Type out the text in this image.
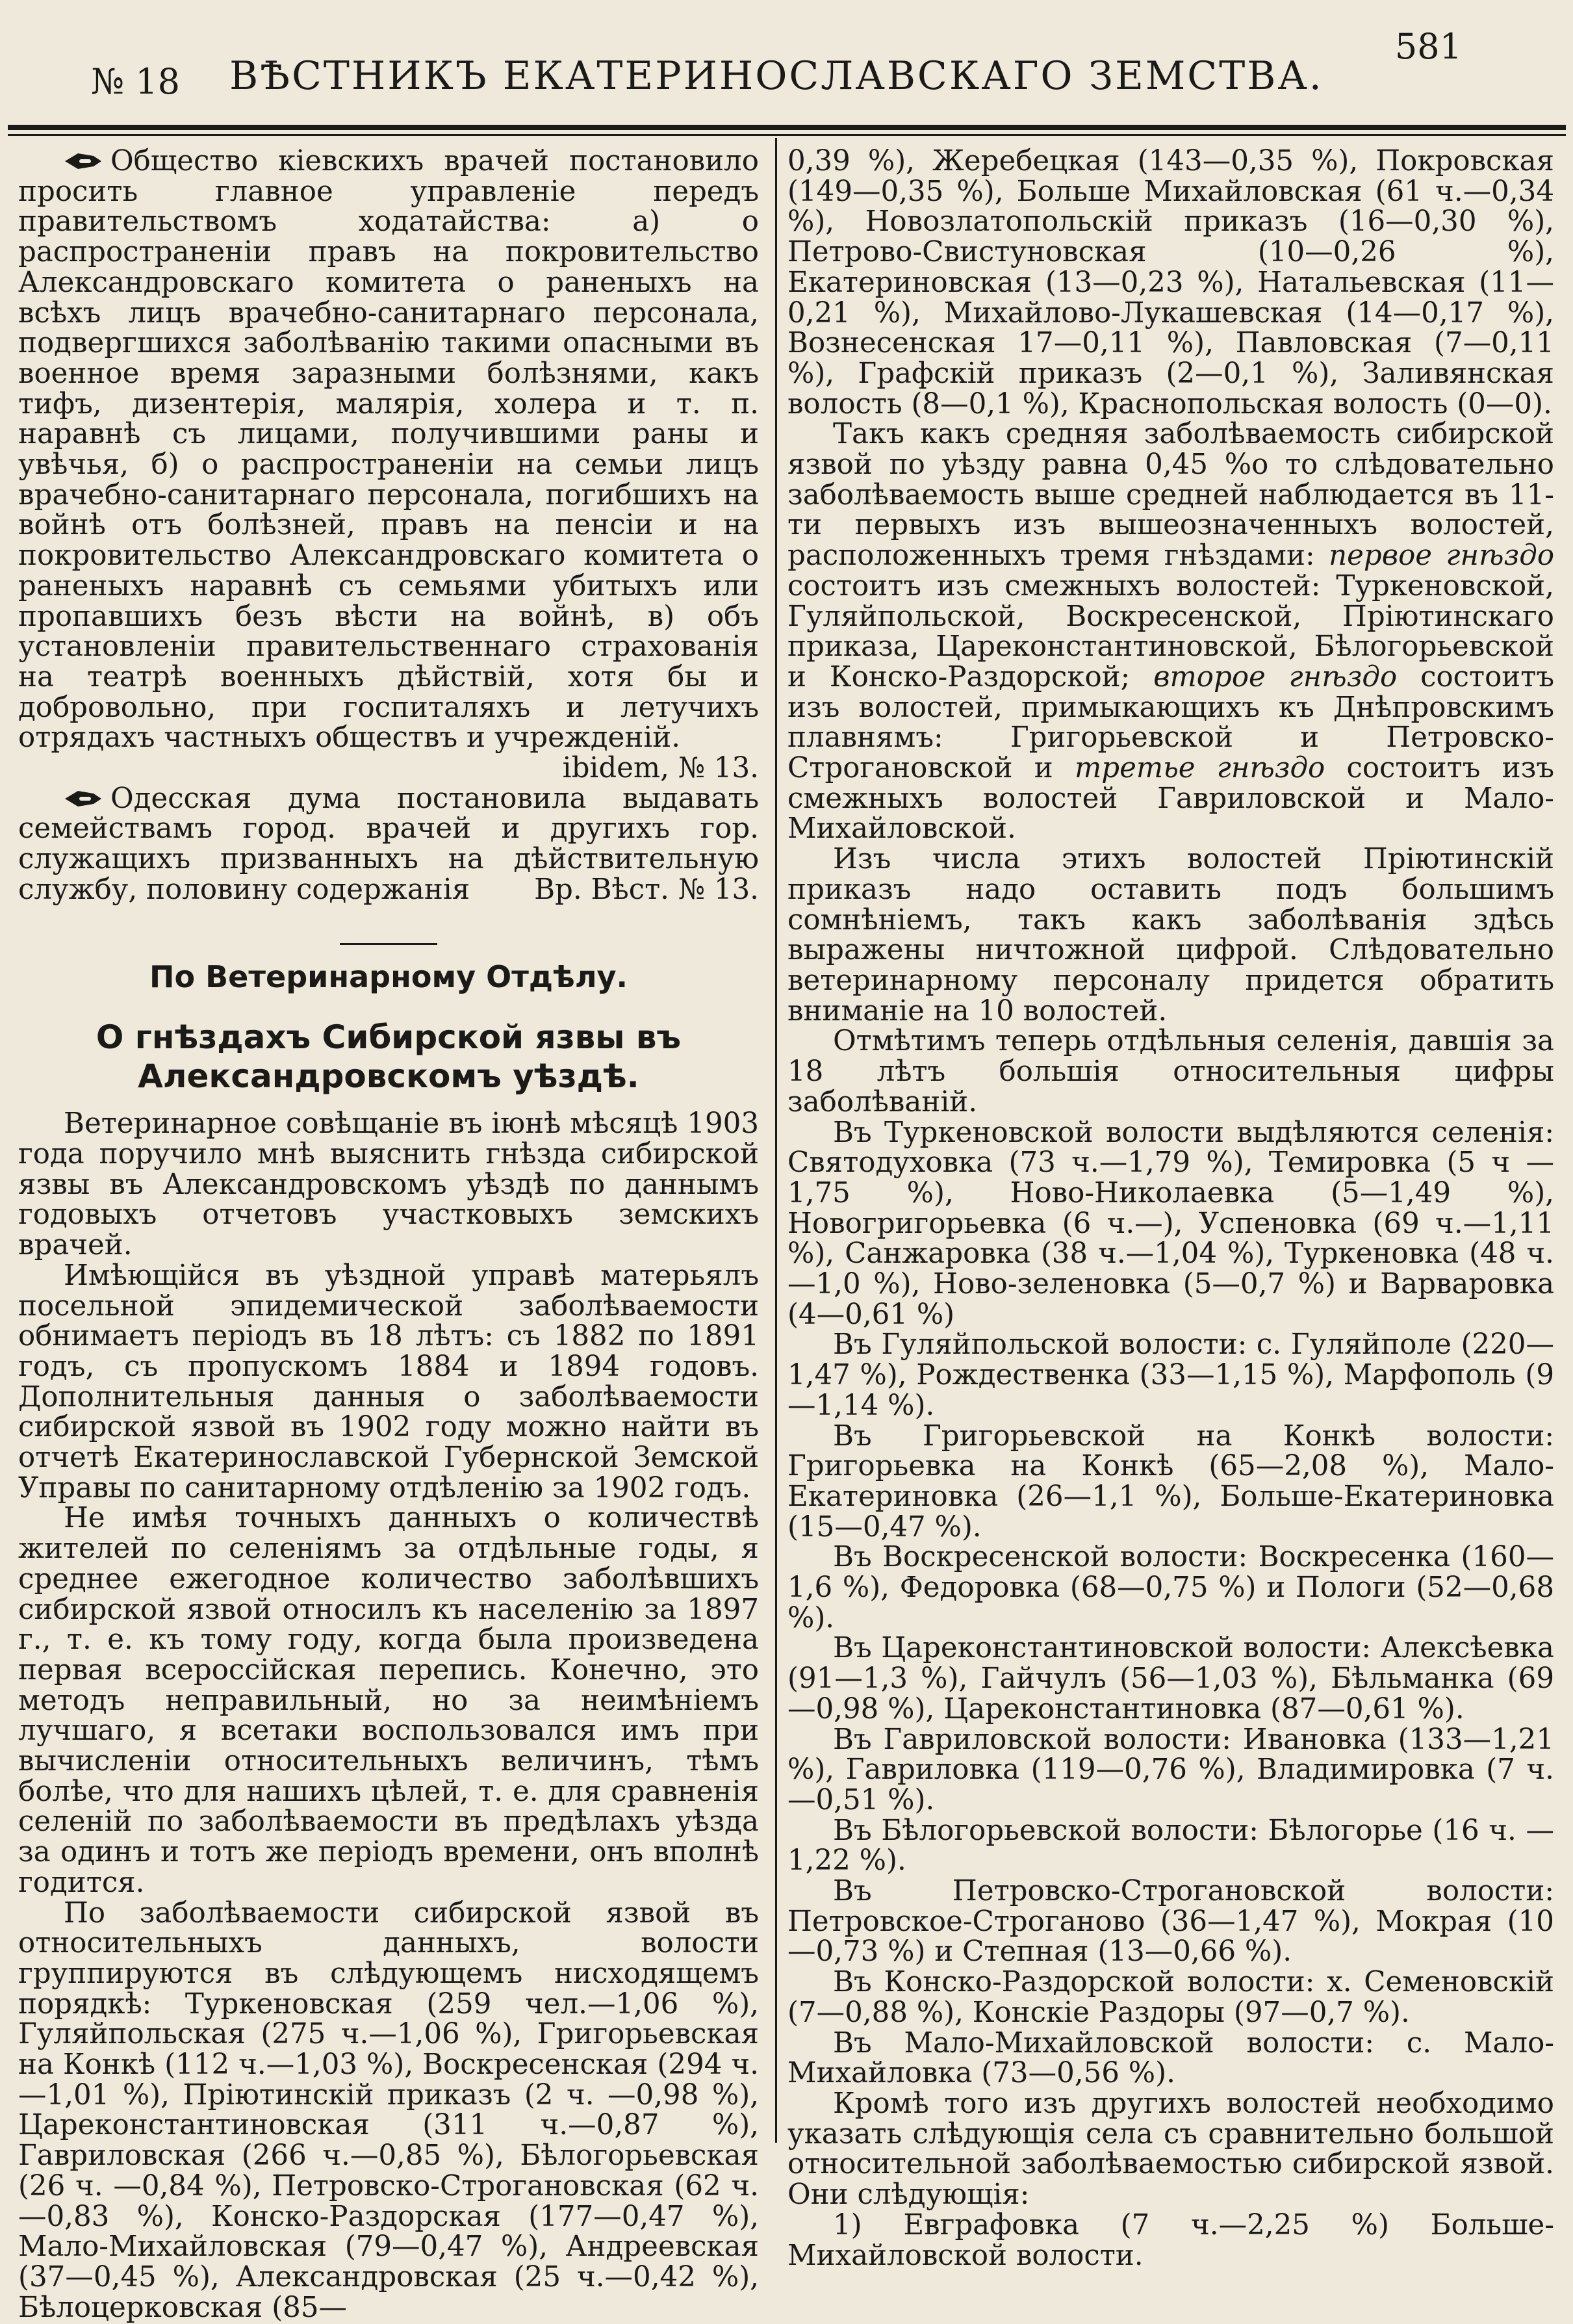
№ 18	ВѢСТНИКЪ ЕКАТЕРИНОСЛАВСКАГО ЗЕМСТВА.
581

Общество кіевскихъ врачей постановило просить главное управленіе передъ правительствомъ ходатайства: а) о распространеніи правъ на покровительство Александровскаго комитета о раненыхъ на всѣхъ лицъ врачебно-санитарнаго персонала, подвергшихся заболѣванію такими опасными въ военное время заразными болѣзнями, какъ тифъ, дизентерія, малярія, холера и т. п. наравнѣ съ лицами, получившими раны и увѣчья, б) о распространеніи на семьи лицъ врачебно-санитарнаго персонала, погибшихъ на войнѣ отъ болѣзней, правъ на пенсіи и на покровительство Александровскаго комитета о раненыхъ наравнѣ съ семьями убитыхъ или пропавшихъ безъ вѣсти на войнѣ, в) объ установленіи правительственнаго страхованія на театрѣ военныхъ дѣйствій, хотя бы и добровольно, при госпиталяхъ и летучихъ отрядахъ частныхъ обществъ и учрежденій.

ibidem, № 13.

Одесская дума постановила выдавать семействамъ город. врачей и другихъ гор. служащихъ призванныхъ на дѣйствительную службу, половину содержанія	Вр. Вѣст. № 13.

По Ветеринарному Отдѣлу.

О гнѣздахъ Сибирской язвы въ Александровскомъ уѣздѣ.

Ветеринарное совѣщаніе въ іюнѣ мѣсяцѣ 1903 года поручило мнѣ выяснить гнѣзда сибирской язвы въ Александровскомъ уѣздѣ по даннымъ годовыхъ отчетовъ участковыхъ земскихъ врачей.

Имѣющійся въ уѣздной управѣ матерьялъ посельной эпидемической заболѣваемости обнимаетъ періодъ въ 18 лѣтъ: съ 1882 по 1891 годъ, съ пропускомъ 1884 и 1894 годовъ. Дополнительныя данныя о заболѣваемости сибирской язвой въ 1902 году можно найти въ отчетѣ Екатеринославской Губернской Земской Управы по санитарному отдѣленію за 1902 годъ.

Не имѣя точныхъ данныхъ о количествѣ жителей по селеніямъ за отдѣльные годы, я среднее ежегодное количество заболѣвшихъ сибирской язвой относилъ къ населенію за 1897 г., т. е. къ тому году, когда была произведена первая всероссійская перепись. Конечно, это методъ неправильный, но за неимѣніемъ лучшаго, я всетаки воспользовался имъ при вычисленіи относительныхъ величинъ, тѣмъ болѣе, что для нашихъ цѣлей, т. е. для сравненія селеній по заболѣваемости въ предѣлахъ уѣзда за одинъ и тотъ же періодъ времени, онъ вполнѣ годится.

По заболѣваемости сибирской язвой въ относительныхъ данныхъ, волости группируются въ слѣдующемъ нисходящемъ порядкѣ: Туркеновская (259 чел.—1,06 %), Гуляйпольская (275 ч.—1,06 %), Григорьевская на Конкѣ (112 ч.—1,03 %), Воскресенская (294 ч.—1,01 %), Пріютинскій приказъ (2 ч. —0,98 %), Цареконстантиновская (311 ч.—0,87 %), Гавриловская (266 ч.—0,85 %), Бѣлогорьевская (26 ч. —0,84 %), Петровско-Строгановская (62 ч.—0,83 %), Конско-Раздорская (177—0,47 %), Мало-Михайловская (79—0,47 %), Андреевская (37—0,45 %), Александровская (25 ч.—0,42 %), Бѣлоцерковская (85—

0,39 %), Жеребецкая (143—0,35 %), Покровская (149—0,35 %), Больше Михайловская (61 ч.—0,34 %), Новозлатопольскій приказъ (16—0,30 %), Петрово-Свистуновская (10—0,26 %), Екатериновская (13—0,23 %), Натальевская (11—0,21 %), Михайлово-Лукашевская (14—0,17 %), Вознесенская 17—0,11 %), Павловская (7—0,11 %), Графскій приказъ (2—0,1 %), Заливянская волость (8—0,1 %), Краснопольская волость (0—0).

Такъ какъ средняя заболѣваемость сибирской язвой по уѣзду равна 0,45 %о то слѣдовательно заболѣваемость выше средней наблюдается въ 11-ти первыхъ изъ вышеозначенныхъ волостей, расположенныхъ тремя гнѣздами: первое гнѣздо состоитъ изъ смежныхъ волостей: Туркеновской, Гуляйпольской, Воскресенской, Пріютинскаго приказа, Цареконстантиновской, Бѣлогорьевской и Конско-Раздорской; второе гнѣздо состоитъ изъ волостей, примыкающихъ къ Днѣпровскимъ плавнямъ: Григорьевской и Петровско-Строгановской и третье гнѣздо состоитъ изъ смежныхъ волостей Гавриловской и Мало-Михайловской.

Изъ числа этихъ волостей Пріютинскій приказъ надо оставить подъ большимъ сомнѣніемъ, такъ какъ заболѣванія здѣсь выражены ничтожной цифрой. Слѣдовательно ветеринарному персоналу придется обратить вниманіе на 10 волостей.

Отмѣтимъ теперь отдѣльныя селенія, давшія за 18 лѣтъ большія относительныя цифры заболѣваній.

Въ Туркеновской волости выдѣляются селенія: Святодуховка (73 ч.—1,79 %), Темировка (5 ч —1,75 %), Ново-Николаевка (5—1,49 %), Новогригорьевка (6 ч.—), Успеновка (69 ч.—1,11 %), Санжаровка (38 ч.—1,04 %), Туркеновка (48 ч.—1,0 %), Ново-зеленовка (5—0,7 %) и Варваровка (4—0,61 %)

Въ Гуляйпольской волости: с. Гуляйполе (220—1,47 %), Рождественка (33—1,15 %), Марфополь (9—1,14 %).

Въ Григорьевской на Конкѣ волости: Григорьевка на Конкѣ (65—2,08 %), Мало-Екатериновка (26—1,1 %), Больше-Екатериновка (15—0,47 %).

Въ Воскресенской волости: Воскресенка (160—1,6 %), Федоровка (68—0,75 %) и Пологи (52—0,68 %).

Въ Цареконстантиновской волости: Алексѣевка (91—1,3 %), Гайчулъ (56—1,03 %), Бѣльманка (69—0,98 %), Цареконстантиновка (87—0,61 %).

Въ Гавриловской волости: Ивановка (133—1,21 %), Гавриловка (119—0,76 %), Владимировка (7 ч.—0,51 %).

Въ Бѣлогорьевской волости: Бѣлогорье (16 ч. —1,22 %).

Въ Петровско-Строгановской волости: Петровское-Строганово (36—1,47 %), Мокрая (10—0,73 %) и Степная (13—0,66 %).

Въ Конско-Раздорской волости: х. Семеновскій (7—0,88 %), Конскіе Раздоры (97—0,7 %).

Въ Мало-Михайловской волости: с. Мало-Михайловка (73—0,56 %).

Кромѣ того изъ другихъ волостей необходимо указать слѣдующія села съ сравнительно большой относительной заболѣваемостью сибирской язвой. Они слѣдующія:

1) Евграфовка (7 ч.—2,25 %) Больше-Михайловской волости.
